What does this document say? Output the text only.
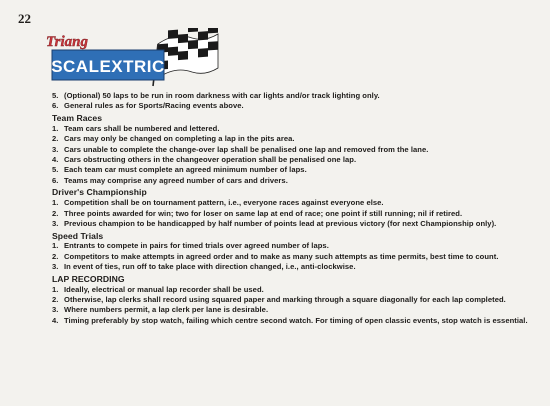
22
SCALEXTRIC
Triang
5. (Optional) 50 laps to be run in room darkness with car lights and/or track lighting only.
6. General rules as for Sports/Racing events above.
Team Races
1. Team cars shall be numbered and lettered.
2. Cars may only be changed on completing a lap in the pits area.
3. Cars unable to complete the change-over lap shall be penalised one lap and removed from the lane.
4. Cars obstructing others in the changeover operation shall be penalised one lap.
5. Each team car must complete an agreed minimum number of laps.
6. Teams may comprise any agreed number of cars and drivers.
Driver's Championship
1. Competition shall be on tournament pattern, i.e., everyone races against everyone else.
2. Three points awarded for win; two for loser on same lap at end of race; one point if still running; nil if retired.
3. Previous champion to be handicapped by half number of points lead at previous victory (for next Championship only).
Speed Trials
1. Entrants to compete in pairs for timed trials over agreed number of laps.
2. Competitors to make attempts in agreed order and to make as many such attempts as time permits, best time to count.
3. In event of ties, run off to take place with direction changed, i.e., anti-clockwise.
LAP RECORDING
1. Ideally, electrical or manual lap recorder shall be used.
2. Otherwise, lap clerks shall record using squared paper and marking through a square diagonally for each lap completed.
3. Where numbers permit, a lap clerk per lane is desirable.
4. Timing preferably by stop watch, failing which centre second watch. For timing of open classic events, stop watch is essential.
